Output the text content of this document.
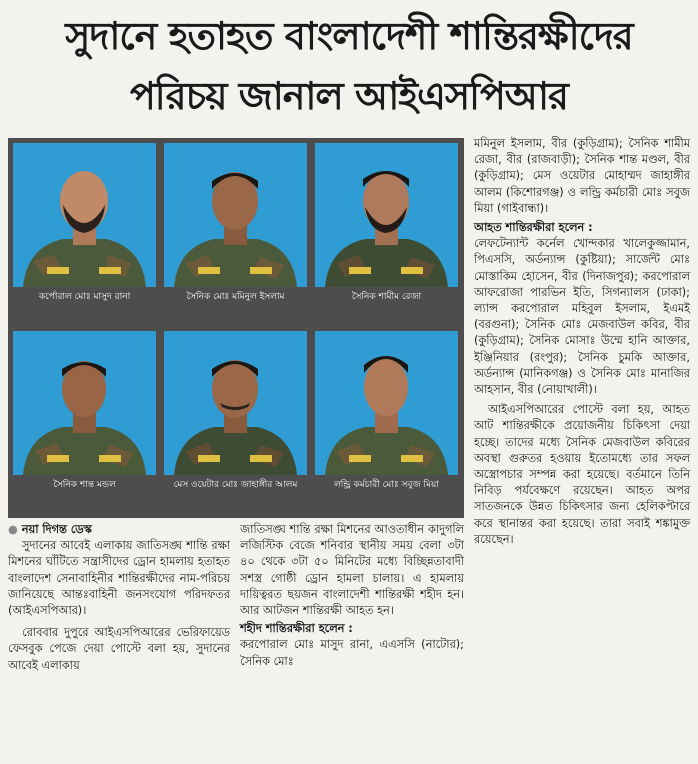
সুদানে হতাহত বাংলাদেশী শান্তিরক্ষীদের
পরিচয় জানাল আইএসপিআর
কর্পোরাল মোঃ মাসুদ রানা	সৈনিক মোঃ মমিনুল ইসলাম	সৈনিক শামীম রেজা
সৈনিক শান্ত মন্ডল	মেস ওয়েটার মোঃ জাহাঙ্গীর আলম	লন্ড্রি কর্মচারী মোঃ সবুজ মিয়া

মমিনুল ইসলাম, বীর (কুড়িগ্রাম); সৈনিক শামীম রেজা, বীর (রাজবাড়ী); সৈনিক শান্ত মণ্ডল, বীর (কুড়িগ্রাম); মেস ওয়েটার মোহাম্মদ জাহাঙ্গীর আলম (কিশোরগঞ্জ) ও লন্ড্রি কর্মচারী মোঃ সবুজ মিয়া (গাইবান্ধা)।

আহত শান্তিরক্ষীরা হলেন :

লেফটেন্যান্ট কর্নেল খোন্দকার খালেকুজ্জামান, পিএসসি, অর্ডন্যান্স (কুষ্টিয়া); সার্জেন্ট মোঃ মোস্তাকিম হোসেন, বীর (দিনাজপুর); করপোরাল আফরোজা পারভিন ইতি, সিগন্যালস (ঢাকা); ল্যান্স করপোরাল মহিবুল ইসলাম, ইএমই (বরগুনা); সৈনিক মোঃ মেজবাউল কবির, বীর (কুড়িগ্রাম); সৈনিক মোসাঃ উম্মে হানি আক্তার, ইঞ্জিনিয়ার (রংপুর); সৈনিক চুমকি আক্তার, অর্ডন্যান্স (মানিকগঞ্জ) ও সৈনিক মোঃ মানাজির আহসান, বীর (নোয়াখালী)।

আইএসপিআরের পোস্টে বলা হয়, আহত আট শান্তিরক্ষীকে প্রয়োজনীয় চিকিৎসা দেয়া হচ্ছে। তাদের মধ্যে সৈনিক মেজবাউল কবিরের অবস্থা গুরুতর হওয়ায় ইতোমধ্যে তার সফল অস্ত্রোপচার সম্পন্ন করা হয়েছে। বর্তমানে তিনি নিবিড় পর্যবেক্ষণে রয়েছেন। আহত অপর সাতজনকে উন্নত চিকিৎসার জন্য হেলিকপ্টারে করে স্থানান্তর করা হয়েছে। তারা সবাই শঙ্কামুক্ত রয়েছেন।

● নয়া দিগন্ত ডেস্ক

সুদানের আবেই এলাকায় জাতিসঙ্ঘ শান্তি রক্ষা মিশনের ঘাঁটিতে সন্ত্রাসীদের ড্রোন হামলায় হতাহত বাংলাদেশ সেনাবাহিনীর শান্তিরক্ষীদের নাম-পরিচয় জানিয়েছে আন্তঃবাহিনী জনসংযোগ পরিদফতর (আইএসপিআর)।

রোববার দুপুরে আইএসপিআরের ভেরিফায়েড ফেসবুক পেজে দেয়া পোস্টে বলা হয়, সুদানের আবেই এলাকায়

জাতিসঙ্ঘ শান্তি রক্ষা মিশনের আওতাধীন কাদুগলি লজিস্টিক বেজে শনিবার স্থানীয় সময় বেলা ৩টা ৪০ থেকে ৩টা ৫০ মিনিটের মধ্যে বিচ্ছিন্নতাবাদী সশস্ত্র গোষ্ঠী ড্রোন হামলা চালায়। এ হামলায় দায়িত্বরত ছয়জন বাংলাদেশী শান্তিরক্ষী শহীদ হন। আর আটজন শান্তিরক্ষী আহত হন।

শহীদ শান্তিরক্ষীরা হলেন :

করপোরাল মোঃ মাসুদ রানা, এএসসি (নাটোর); সৈনিক মোঃ
